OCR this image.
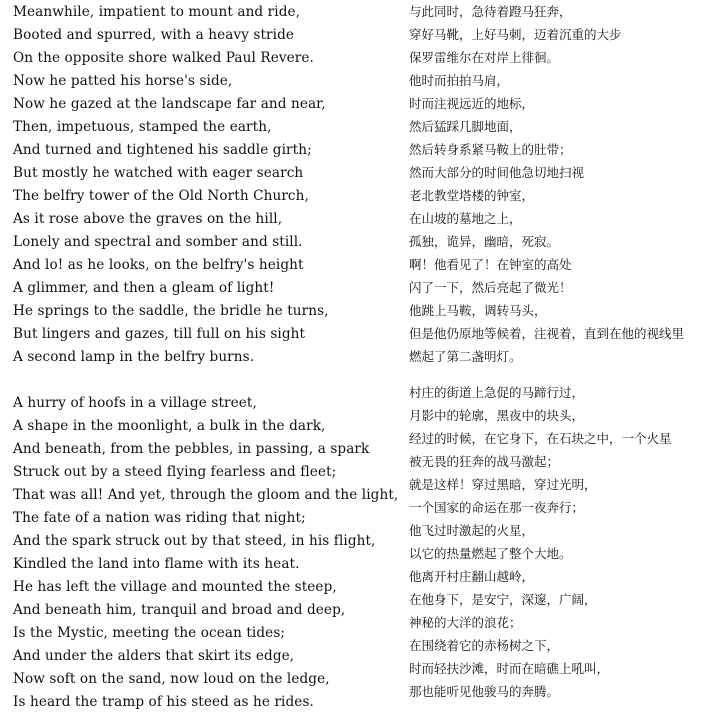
Meanwhile, impatient to mount and ride,
Booted and spurred, with a heavy stride
On the opposite shore walked Paul Revere.
Now he patted his horse's side,
Now he gazed at the landscape far and near,
Then, impetuous, stamped the earth,
And turned and tightened his saddle girth;
But mostly he watched with eager search
The belfry tower of the Old North Church,
As it rose above the graves on the hill,
Lonely and spectral and somber and still.
And lo! as he looks, on the belfry's height
A glimmer, and then a gleam of light!
He springs to the saddle, the bridle he turns,
But lingers and gazes, till full on his sight
A second lamp in the belfry burns.
A hurry of hoofs in a village street,
A shape in the moonlight, a bulk in the dark,
And beneath, from the pebbles, in passing, a spark
Struck out by a steed flying fearless and fleet;
That was all! And yet, through the gloom and the light,
The fate of a nation was riding that night;
And the spark struck out by that steed, in his flight,
Kindled the land into flame with its heat.
He has left the village and mounted the steep,
And beneath him, tranquil and broad and deep,
Is the Mystic, meeting the ocean tides;
And under the alders that skirt its edge,
Now soft on the sand, now loud on the ledge,
Is heard the tramp of his steed as he rides.
与此同时，急待着蹬马狂奔，
穿好马靴，上好马刺，迈着沉重的大步
保罗雷维尔在对岸上徘徊。
他时而拍拍马肩，
时而注视远近的地标，
然后猛踩几脚地面，
然后转身系紧马鞍上的肚带；
然而大部分的时间他急切地扫视
老北教堂塔楼的钟室，
在山坡的墓地之上，
孤独，诡异，幽暗，死寂。
啊！他看见了！在钟室的高处
闪了一下，然后亮起了微光！
他跳上马鞍，调转马头，
但是他仍原地等候着，注视着，直到在他的视线里
燃起了第二盏明灯。
村庄的街道上急促的马蹄行过，
月影中的轮廓，黑夜中的块头，
经过的时候，在它身下，在石块之中，一个火星
被无畏的狂奔的战马激起；
就是这样！穿过黑暗，穿过光明，
一个国家的命运在那一夜奔行；
他飞过时激起的火星，
以它的热量燃起了整个大地。
他离开村庄翻山越岭，
在他身下，是安宁，深邃，广阔，
神秘的大洋的浪花；
在围绕着它的赤杨树之下，
时而轻扶沙滩，时而在暗礁上吼叫，
那也能听见他骏马的奔腾。
